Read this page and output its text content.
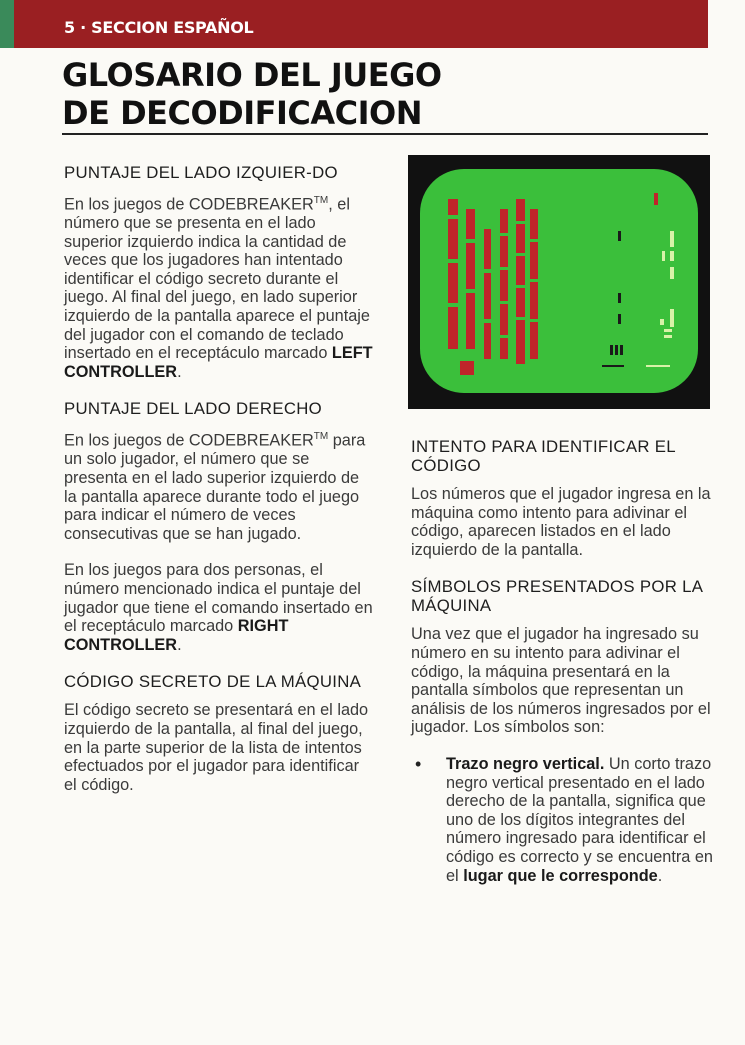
5 · SECCION ESPAÑOL
GLOSARIO DEL JUEGO
DE DECODIFICACION
PUNTAJE DEL LADO IZQUIER-DO

En los juegos de CODEBREAKER™, el número que se presenta en el lado superior izquierdo indica la cantidad de veces que los jugadores han intentado identificar el código secreto durante el juego. Al final del juego, en lado superior izquierdo de la pantalla aparece el puntaje del jugador con el comando de teclado insertado en el receptáculo marcado LEFT CONTROLLER.

PUNTAJE DEL LADO DERECHO

En los juegos de CODEBREAKER™ para un solo jugador, el número que se presenta en el lado superior izquierdo de la pantalla aparece durante todo el juego para indicar el número de veces consecutivas que se han jugado.

En los juegos para dos personas, el número mencionado indica el puntaje del jugador que tiene el comando insertado en el receptáculo marcado RIGHT CONTROLLER.

CÓDIGO SECRETO DE LA MÁQUINA

El código secreto se presentará en el lado izquierdo de la pantalla, al final del juego, en la parte superior de la lista de intentos efectuados por el jugador para identificar el código.

INTENTO PARA IDENTIFICAR EL CÓDIGO

Los números que el jugador ingresa en la máquina como intento para adivinar el código, aparecen listados en el lado izquierdo de la pantalla.

SÍMBOLOS PRESENTADOS POR LA MÁQUINA

Una vez que el jugador ha ingresado su número en su intento para adivinar el código, la máquina presentará en la pantalla símbolos que representan un análisis de los números ingresados por el jugador. Los símbolos son:

• Trazo negro vertical. Un corto trazo negro vertical presentado en el lado derecho de la pantalla, significa que uno de los dígitos integrantes del número ingresado para identificar el código es correcto y se encuentra en el lugar que le corresponde.
